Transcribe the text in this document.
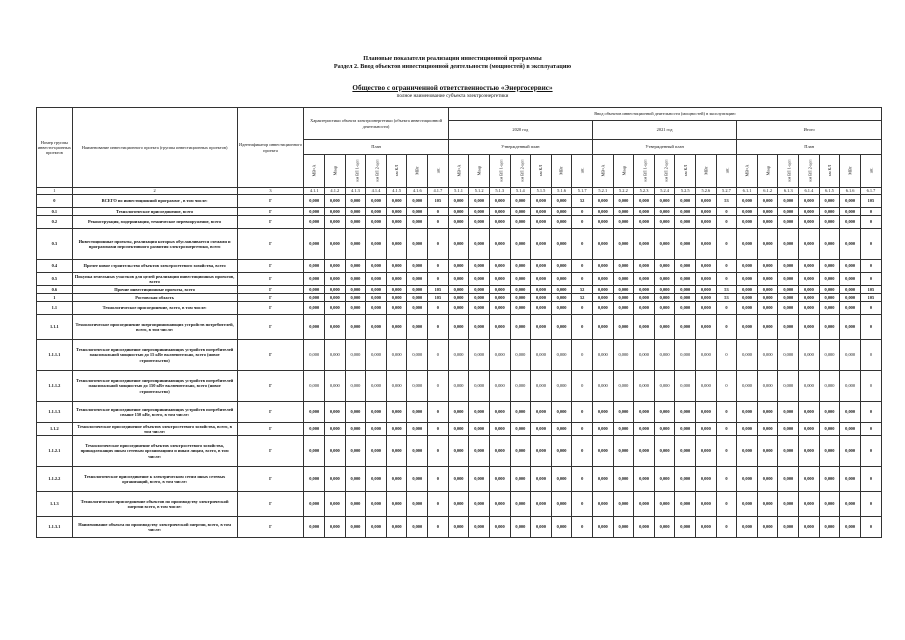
Плановые показатели реализации инвестиционной программы
Раздел 2. Ввод объектов инвестиционной деятельности (мощностей) в эксплуатацию
Общество с ограниченной ответственностью «Энергосервис»
полное наименование субъекта электроэнергетики
Номер группы инвести-ционных проектов	Наименование инвестиционного проекта (группы инвестиционных проектов)	Идентификатор инвестиционного проекта	Характеристики объекта электроэнергетики (объекта инвестиционной деятельности)							Ввод объектов инвестиционной деятельности (мощностей) в эксплуатацию																				
										2020 год							2021 год							Итого						
			План							Утвержденный план							Утвержденный план							План						
			МВ×А	Мвар	км ВЛ 1-цеп	км ВЛ 2-цеп	км КЛ	МВт	шт.	МВ×А	Мвар	км ВЛ 1-цеп	км ВЛ 2-цеп	км КЛ	МВт	шт.	МВ×А	Мвар	км ВЛ 1-цеп	км ВЛ 2-цеп	км КЛ	МВт	шт.	МВ×А	Мвар	км ВЛ 1-цеп	км ВЛ 2-цеп	км КЛ	МВт	шт.
1	2	3	4.1.1	4.1.2	4.1.3	4.1.4	4.1.5	4.1.6	4.1.7	5.1.1	5.1.2	5.1.3	5.1.4	5.1.5	5.1.6	5.1.7	5.2.1	5.2.2	5.2.3	5.2.4	5.2.5	5.2.6	5.2.7	6.1.1	6.1.2	6.1.3	6.1.4	6.1.5	6.1.6	6.1.7
0	ВСЕГО по инвестиционной программе , в том числе:	Г	0,000	0,000	0,000	0,000	0,000	0,000	105	0,000	0,000	0,000	0,000	0,000	0,000	52	0,000	0,000	0,000	0,000	0,000	0,000	53	0,000	0,000	0,000	0,000	0,000	0,000	105
0.1	Технологическое присоединение, всего	Г	0,000	0,000	0,000	0,000	0,000	0,000	0	0,000	0,000	0,000	0,000	0,000	0,000	0	0,000	0,000	0,000	0,000	0,000	0,000	0	0,000	0,000	0,000	0,000	0,000	0,000	0
0.2	Реконструкция, модернизация, техническое перевооружение, всего	Г	0,000	0,000	0,000	0,000	0,000	0,000	0	0,000	0,000	0,000	0,000	0,000	0,000	0	0,000	0,000	0,000	0,000	0,000	0,000	0	0,000	0,000	0,000	0,000	0,000	0,000	0
0.3	Инвестиционные проекты, реализация которых обуславливается схемами и программами перспективного развития электроэнергетики, всего	Г	0,000	0,000	0,000	0,000	0,000	0,000	0	0,000	0,000	0,000	0,000	0,000	0,000	0	0,000	0,000	0,000	0,000	0,000	0,000	0	0,000	0,000	0,000	0,000	0,000	0,000	0
0.4	Прочее новое строительство объектов электросетевого хозяйства, всего	Г	0,000	0,000	0,000	0,000	0,000	0,000	0	0,000	0,000	0,000	0,000	0,000	0,000	0	0,000	0,000	0,000	0,000	0,000	0,000	0	0,000	0,000	0,000	0,000	0,000	0,000	0
0.5	Покупка земельных участков для целей реализации инвестиционных проектов, всего	Г	0,000	0,000	0,000	0,000	0,000	0,000	0	0,000	0,000	0,000	0,000	0,000	0,000	0	0,000	0,000	0,000	0,000	0,000	0,000	0	0,000	0,000	0,000	0,000	0,000	0,000	0
0.6	Прочие инвестиционные проекты, всего	Г	0,000	0,000	0,000	0,000	0,000	0,000	105	0,000	0,000	0,000	0,000	0,000	0,000	52	0,000	0,000	0,000	0,000	0,000	0,000	53	0,000	0,000	0,000	0,000	0,000	0,000	105
1	Ростовская область	Г	0,000	0,000	0,000	0,000	0,000	0,000	105	0,000	0,000	0,000	0,000	0,000	0,000	52	0,000	0,000	0,000	0,000	0,000	0,000	53	0,000	0,000	0,000	0,000	0,000	0,000	105
1.1	Технологическое присоединение, всего, в том числе:	Г	0,000	0,000	0,000	0,000	0,000	0,000	0	0,000	0,000	0,000	0,000	0,000	0,000	0	0,000	0,000	0,000	0,000	0,000	0,000	0	0,000	0,000	0,000	0,000	0,000	0,000	0
1.1.1	Технологическое присоединение энергопринимающих устройств потребителей, всего, в том числе:	Г	0,000	0,000	0,000	0,000	0,000	0,000	0	0,000	0,000	0,000	0,000	0,000	0,000	0	0,000	0,000	0,000	0,000	0,000	0,000	0	0,000	0,000	0,000	0,000	0,000	0,000	0
1.1.1.1	Технологическое присоединение энергопринимающих устройств потребителей максимальной мощностью до 15 кВт включительно, всего (новое строительство)	Г	0,000	0,000	0,000	0,000	0,000	0,000	0	0,000	0,000	0,000	0,000	0,000	0,000	0	0,000	0,000	0,000	0,000	0,000	0,000	0	0,000	0,000	0,000	0,000	0,000	0,000	0
1.1.1.2	Технологическое присоединение энергопринимающих устройств потребителей максимальной мощностью до 150 кВт включительно, всего (новое строительство)	Г	0,000	0,000	0,000	0,000	0,000	0,000	0	0,000	0,000	0,000	0,000	0,000	0,000	0	0,000	0,000	0,000	0,000	0,000	0,000	0	0,000	0,000	0,000	0,000	0,000	0,000	0
1.1.1.3	Технологическое присоединение энергопринимающих устройств потребителей свыше 150 кВт, всего, в том числе:	Г	0,000	0,000	0,000	0,000	0,000	0,000	0	0,000	0,000	0,000	0,000	0,000	0,000	0	0,000	0,000	0,000	0,000	0,000	0,000	0	0,000	0,000	0,000	0,000	0,000	0,000	0
1.1.2	Технологическое присоединение объектов электросетевого хозяйства, всего, в том числе:	Г	0,000	0,000	0,000	0,000	0,000	0,000	0	0,000	0,000	0,000	0,000	0,000	0,000	0	0,000	0,000	0,000	0,000	0,000	0,000	0	0,000	0,000	0,000	0,000	0,000	0,000	0
1.1.2.1	Технологическое присоединение объектов электросетевого хозяйства, принадлежащих иным сетевым организациям и иным лицам, всего, в том числе:	Г	0,000	0,000	0,000	0,000	0,000	0,000	0	0,000	0,000	0,000	0,000	0,000	0,000	0	0,000	0,000	0,000	0,000	0,000	0,000	0	0,000	0,000	0,000	0,000	0,000	0,000	0
1.1.2.2	Технологическое присоединение к электрическим сетям иных сетевых организаций, всего, в том числе:	Г	0,000	0,000	0,000	0,000	0,000	0,000	0	0,000	0,000	0,000	0,000	0,000	0,000	0	0,000	0,000	0,000	0,000	0,000	0,000	0	0,000	0,000	0,000	0,000	0,000	0,000	0
1.1.3	Технологическое присоединение объектов по производству электрической энергии всего, в том числе:	Г	0,000	0,000	0,000	0,000	0,000	0,000	0	0,000	0,000	0,000	0,000	0,000	0,000	0	0,000	0,000	0,000	0,000	0,000	0,000	0	0,000	0,000	0,000	0,000	0,000	0,000	0
1.1.3.1	Наименование объекта по производству электрической энергии, всего, в том числе:	Г	0,000	0,000	0,000	0,000	0,000	0,000	0	0,000	0,000	0,000	0,000	0,000	0,000	0	0,000	0,000	0,000	0,000	0,000	0,000	0	0,000	0,000	0,000	0,000	0,000	0,000	0
